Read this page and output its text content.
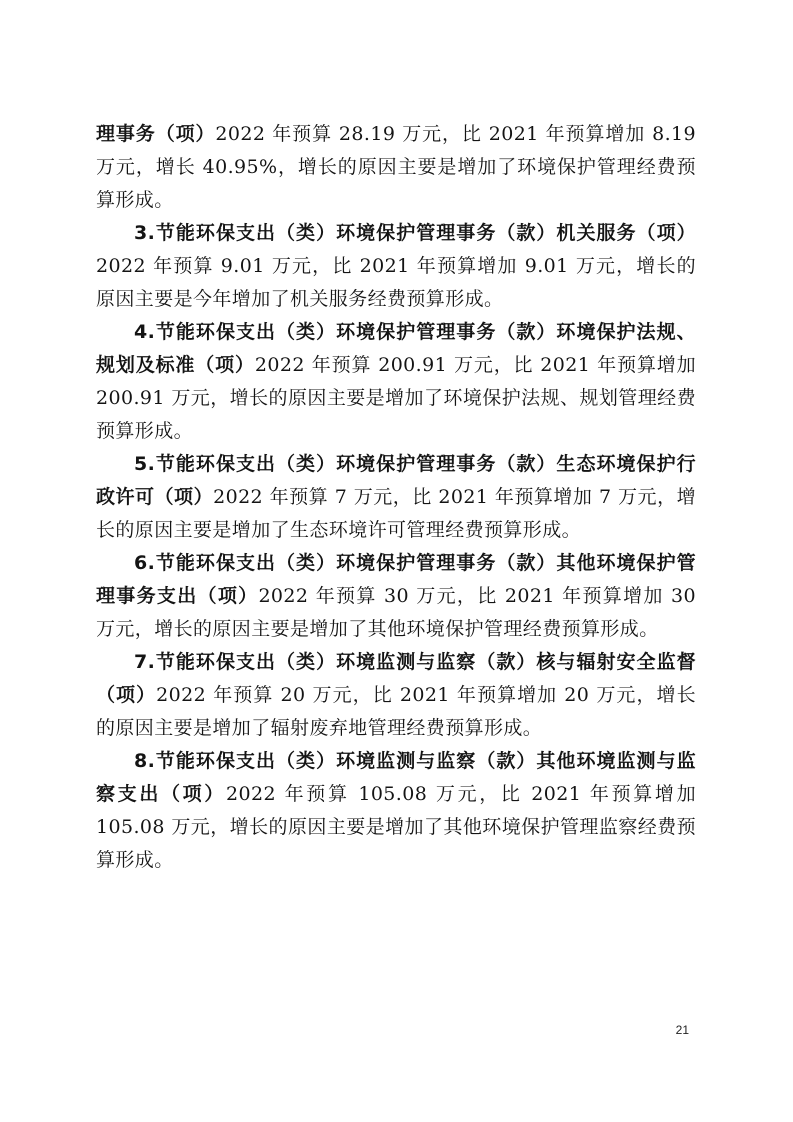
理事务（项）2022 年预算 28.19 万元，比 2021 年预算增加 8.19 万元，增长 40.95%，增长的原因主要是增加了环境保护管理经费预算形成。

3.节能环保支出（类）环境保护管理事务（款）机关服务（项）2022 年预算 9.01 万元，比 2021 年预算增加 9.01 万元，增长的原因主要是今年增加了机关服务经费预算形成。

4.节能环保支出（类）环境保护管理事务（款）环境保护法规、规划及标准（项）2022 年预算 200.91 万元，比 2021 年预算增加 200.91 万元，增长的原因主要是增加了环境保护法规、规划管理经费预算形成。

5.节能环保支出（类）环境保护管理事务（款）生态环境保护行政许可（项）2022 年预算 7 万元，比 2021 年预算增加 7 万元，增长的原因主要是增加了生态环境许可管理经费预算形成。

6.节能环保支出（类）环境保护管理事务（款）其他环境保护管理事务支出（项）2022 年预算 30 万元，比 2021 年预算增加 30 万元，增长的原因主要是增加了其他环境保护管理经费预算形成。

7.节能环保支出（类）环境监测与监察（款）核与辐射安全监督（项）2022 年预算 20 万元，比 2021 年预算增加 20 万元，增长的原因主要是增加了辐射废弃地管理经费预算形成。

8.节能环保支出（类）环境监测与监察（款）其他环境监测与监察支出（项）2022 年预算 105.08 万元，比 2021 年预算增加 105.08 万元，增长的原因主要是增加了其他环境保护管理监察经费预算形成。

21
